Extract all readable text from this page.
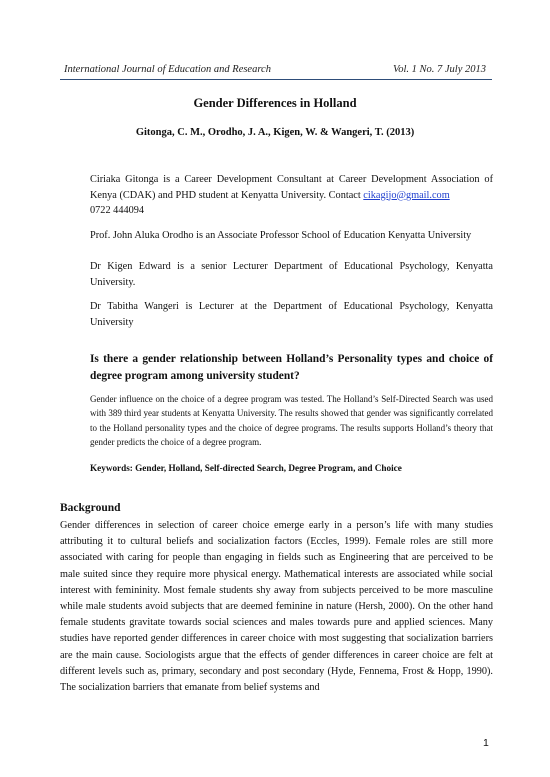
International Journal of Education and Research	Vol. 1 No. 7 July 2013
Gender Differences in Holland
Gitonga, C. M., Orodho, J. A., Kigen, W. & Wangeri, T. (2013)

Ciriaka Gitonga is a Career Development Consultant at Career Development Association of Kenya (CDAK) and PHD student at Kenyatta University. Contact cikagijo@gmail.com
0722 444094

Prof. John Aluka Orodho is an Associate Professor School of Education Kenyatta University

Dr Kigen Edward is a senior Lecturer Department of Educational Psychology, Kenyatta University.

Dr Tabitha Wangeri is Lecturer at the Department of Educational Psychology, Kenyatta University

Is there a gender relationship between Holland’s Personality types and choice of degree program among university student?

Gender influence on the choice of a degree program was tested. The Holland’s Self-Directed Search was used with 389 third year students at Kenyatta University. The results showed that gender was significantly correlated to the Holland personality types and the choice of degree programs. The results supports Holland’s theory that gender predicts the choice of a degree program.

Keywords: Gender, Holland, Self-directed Search, Degree Program, and Choice

Background

Gender differences in selection of career choice emerge early in a person’s life with many studies attributing it to cultural beliefs and socialization factors (Eccles, 1999). Female roles are still more associated with caring for people than engaging in fields such as Engineering that are perceived to be male suited since they require more physical energy. Mathematical interests are associated while social interest with femininity. Most female students shy away from subjects perceived to be more masculine while male students avoid subjects that are deemed feminine in nature (Hersh, 2000). On the other hand female students gravitate towards social sciences and males towards pure and applied sciences. Many studies have reported gender differences in career choice with most suggesting that socialization barriers are the main cause. Sociologists argue that the effects of gender differences in career choice are felt at different levels such as, primary, secondary and post secondary (Hyde, Fennema, Frost & Hopp, 1990). The socialization barriers that emanate from belief systems and

1
